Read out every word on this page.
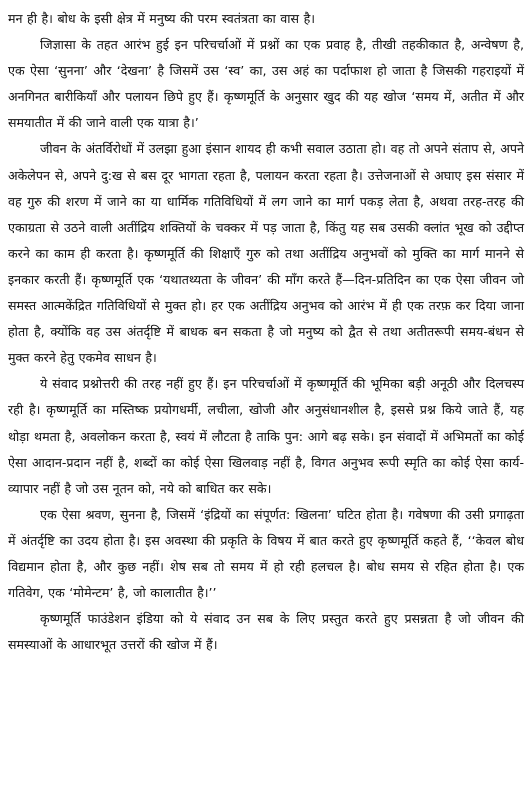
मन ही है। बोध के इसी क्षेत्र में मनुष्य की परम स्वतंत्रता का वास है।

जिज्ञासा के तहत आरंभ हुई इन परिचर्चाओं में प्रश्नों का एक प्रवाह है, तीखी तहकीकात है, अन्वेषण है, एक ऐसा ‘सुनना’ और ‘देखना’ है जिसमें उस ‘स्व’ का, उस अहं का पर्दाफाश हो जाता है जिसकी गहराइयों में अनगिनत बारीकियाँ और पलायन छिपे हुए हैं। कृष्णमूर्ति के अनुसार खुद की यह खोज ‘समय में, अतीत में और समयातीत में की जाने वाली एक यात्रा है।’

जीवन के अंतर्विरोधों में उलझा हुआ इंसान शायद ही कभी सवाल उठाता हो। वह तो अपने संताप से, अपने अकेलेपन से, अपने दु:ख से बस दूर भागता रहता है, पलायन करता रहता है। उत्तेजनाओं से अघाए इस संसार में वह गुरु की शरण में जाने का या धार्मिक गतिविधियों में लग जाने का मार्ग पकड़ लेता है, अथवा तरह-तरह की एकाग्रता से उठने वाली अतींद्रिय शक्तियों के चक्कर में पड़ जाता है, किंतु यह सब उसकी क्लांत भूख को उद्दीप्त करने का काम ही करता है। कृष्णमूर्ति की शिक्षाएँ गुरु को तथा अतींद्रिय अनुभवों को मुक्ति का मार्ग मानने से इनकार करती हैं। कृष्णमूर्ति एक ‘यथातथ्यता के जीवन’ की माँग करते हैं—दिन-प्रतिदिन का एक ऐसा जीवन जो समस्त आत्मकेंद्रित गतिविधियों से मुक्त हो। हर एक अतींद्रिय अनुभव को आरंभ में ही एक तरफ़ कर दिया जाना होता है, क्योंकि वह उस अंतर्दृष्टि में बाधक बन सकता है जो मनुष्य को द्वैत से तथा अतीतरूपी समय-बंधन से मुक्त करने हेतु एकमेव साधन है।

ये संवाद प्रश्नोत्तरी की तरह नहीं हुए हैं। इन परिचर्चाओं में कृष्णमूर्ति की भूमिका बड़ी अनूठी और दिलचस्प रही है। कृष्णमूर्ति का मस्तिष्क प्रयोगधर्मी, लचीला, खोजी और अनुसंधानशील है, इससे प्रश्न किये जाते हैं, यह थोड़ा थमता है, अवलोकन करता है, स्वयं में लौटता है ताकि पुन: आगे बढ़ सके। इन संवादों में अभिमतों का कोई ऐसा आदान-प्रदान नहीं है, शब्दों का कोई ऐसा खिलवाड़ नहीं है, विगत अनुभव रूपी स्मृति का कोई ऐसा कार्य-व्यापार नहीं है जो उस नूतन को, नये को बाधित कर सके।

एक ऐसा श्रवण, सुनना है, जिसमें ‘इंद्रियों का संपूर्णत: खिलना’ घटित होता है। गवेषणा की उसी प्रगाढ़ता में अंतर्दृष्टि का उदय होता है। इस अवस्था की प्रकृति के विषय में बात करते हुए कृष्णमूर्ति कहते हैं, ‘‘केवल बोध विद्यमान होता है, और कुछ नहीं। शेष सब तो समय में हो रही हलचल है। बोध समय से रहित होता है। एक गतिवेग, एक ‘मोमेन्टम’ है, जो कालातीत है।’’

कृष्णमूर्ति फाउंडेशन इंडिया को ये संवाद उन सब के लिए प्रस्तुत करते हुए प्रसन्नता है जो जीवन की समस्याओं के आधारभूत उत्तरों की खोज में हैं।
